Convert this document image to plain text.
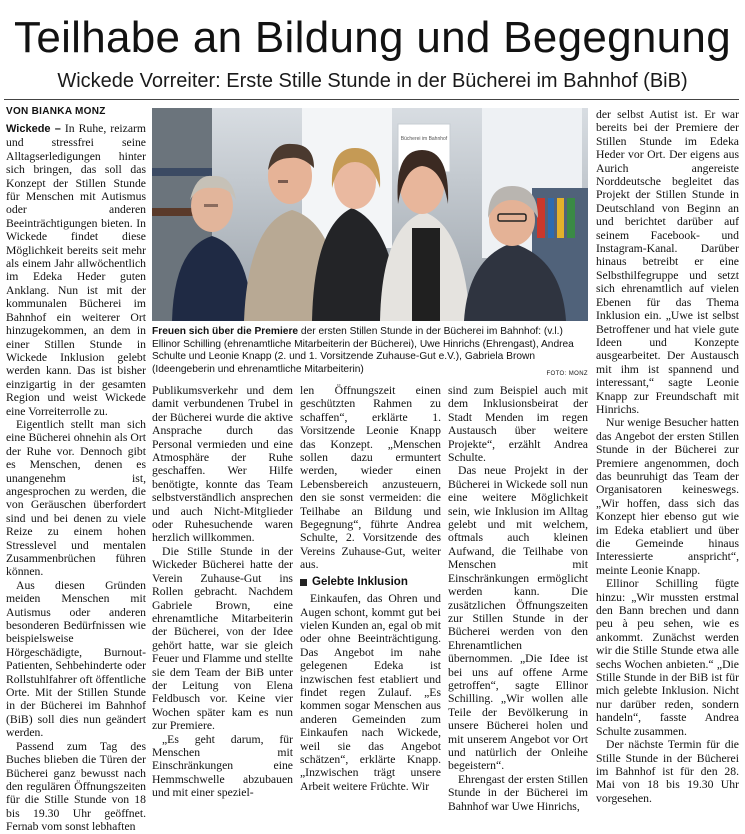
Teilhabe an Bildung und Begegnung
Wickede Vorreiter: Erste Stille Stunde in der Bücherei im Bahnhof (BiB)
VON BIANKA MONZ

Wickede – In Ruhe, reizarm und stressfrei seine Alltagserledigungen hinter sich bringen, das soll das Konzept der Stillen Stunde für Menschen mit Autismus oder anderen Beeinträchtigungen bieten. In Wickede findet diese Möglichkeit bereits seit mehr als einem Jahr allwöchentlich im Edeka Heder guten Anklang. Nun ist mit der kommunalen Bücherei im Bahnhof ein weiterer Ort hinzugekommen, an dem in einer Stillen Stunde in Wickede Inklusion gelebt werden kann. Das ist bisher einzigartig in der gesamten Region und weist Wickede eine Vorreiterrolle zu.

Eigentlich stellt man sich eine Bücherei ohnehin als Ort der Ruhe vor. Dennoch gibt es Menschen, denen es unangenehm ist, angesprochen zu werden, die von Geräuschen überfordert sind und bei denen zu viele Reize zu einem hohen Stresslevel und mentalen Zusammenbrüchen führen können.

Aus diesen Gründen meiden Menschen mit Autismus oder anderen besonderen Bedürfnissen wie beispielsweise Hörgeschädigte, Burnout-Patienten, Sehbehinderte oder Rollstuhlfahrer oft öffentliche Orte. Mit der Stillen Stunde in der Bücherei im Bahnhof (BiB) soll dies nun geändert werden.

Passend zum Tag des Buches blieben die Türen der Bücherei ganz bewusst nach den regulären Öffnungszeiten für die Stille Stunde von 18 bis 19.30 Uhr geöffnet. Fernab vom sonst lebhaften

Bücherei im Bahnhof
Freuen sich über die Premiere der ersten Stillen Stunde in der Bücherei im Bahnhof: (v.l.) Ellinor Schilling (ehrenamtliche Mitarbeiterin der Bücherei), Uwe Hinrichs (Ehrengast), Andrea Schulte und Leonie Knapp (2. und 1. Vorsitzende Zuhause-Gut e.V.), Gabriela Brown (Ideengeberin und ehrenamtliche Mitarbeiterin)	FOTO: MONZ

Publikumsverkehr und dem damit verbundenen Trubel in der Bücherei wurde die aktive Ansprache durch das Personal vermieden und eine Atmosphäre der Ruhe geschaffen. Wer Hilfe benötigte, konnte das Team selbstverständlich ansprechen und auch Nicht-Mitglieder oder Ruhesuchende waren herzlich willkommen.

Die Stille Stunde in der Wickeder Bücherei hatte der Verein Zuhause-Gut ins Rollen gebracht. Nachdem Gabriele Brown, eine ehrenamtliche Mitarbeiterin der Bücherei, von der Idee gehört hatte, war sie gleich Feuer und Flamme und stellte sie dem Team der BiB unter der Leitung von Elena Feldbusch vor. Keine vier Wochen später kam es nun zur Premiere.

„Es geht darum, für Menschen mit Einschränkungen eine Hemmschwelle abzubauen und mit einer speziel-

len Öffnungszeit einen geschützten Rahmen zu schaffen“, erklärte 1. Vorsitzende Leonie Knapp das Konzept. „Menschen sollen dazu ermuntert werden, wieder einen Lebensbereich anzusteuern, den sie sonst vermeiden: die Teilhabe an Bildung und Begegnung“, führte Andrea Schulte, 2. Vorsitzende des Vereins Zuhause-Gut, weiter aus.

Gelebte Inklusion

Einkaufen, das Ohren und Augen schont, kommt gut bei vielen Kunden an, egal ob mit oder ohne Beeinträchtigung. Das Angebot im nahe gelegenen Edeka ist inzwischen fest etabliert und findet regen Zulauf. „Es kommen sogar Menschen aus anderen Gemeinden zum Einkaufen nach Wickede, weil sie das Angebot schätzen“, erklärte Knapp. „Inzwischen trägt unsere Arbeit weitere Früchte. Wir

sind zum Beispiel auch mit dem Inklusionsbeirat der Stadt Menden im regen Austausch über weitere Projekte“, erzählt Andrea Schulte.

Das neue Projekt in der Bücherei in Wickede soll nun eine weitere Möglichkeit sein, wie Inklusion im Alltag gelebt und mit welchem, oftmals auch kleinen Aufwand, die Teilhabe von Menschen mit Einschränkungen ermöglicht werden kann. Die zusätzlichen Öffnungszeiten zur Stillen Stunde in der Bücherei werden von den Ehrenamtlichen übernommen. „Die Idee ist bei uns auf offene Arme getroffen“, sagte Ellinor Schilling. „Wir wollen alle Teile der Bevölkerung in unsere Bücherei holen und mit unserem Angebot vor Ort und natürlich der Onleihe begeistern“.

Ehrengast der ersten Stillen Stunde in der Bücherei im Bahnhof war Uwe Hinrichs,

der selbst Autist ist. Er war bereits bei der Premiere der Stillen Stunde im Edeka Heder vor Ort. Der eigens aus Aurich angereiste Norddeutsche begleitet das Projekt der Stillen Stunde in Deutschland von Beginn an und berichtet darüber auf seinem Facebook- und Instagram-Kanal. Darüber hinaus betreibt er eine Selbsthilfegruppe und setzt sich ehrenamtlich auf vielen Ebenen für das Thema Inklusion ein. „Uwe ist selbst Betroffener und hat viele gute Ideen und Konzepte ausgearbeitet. Der Austausch mit ihm ist spannend und interessant,“ sagte Leonie Knapp zur Freundschaft mit Hinrichs.

Nur wenige Besucher hatten das Angebot der ersten Stillen Stunde in der Bücherei zur Premiere angenommen, doch das beunruhigt das Team der Organisatoren keineswegs. „Wir hoffen, dass sich das Konzept hier ebenso gut wie im Edeka etabliert und über die Gemeinde hinaus Interessierte anspricht“, meinte Leonie Knapp.

Ellinor Schilling fügte hinzu: „Wir mussten erstmal den Bann brechen und dann peu à peu sehen, wie es ankommt. Zunächst werden wir die Stille Stunde etwa alle sechs Wochen anbieten.“ „Die Stille Stunde in der BiB ist für mich gelebte Inklusion. Nicht nur darüber reden, sondern handeln“, fasste Andrea Schulte zusammen.

Der nächste Termin für die Stille Stunde in der Bücherei im Bahnhof ist für den 28. Mai von 18 bis 19.30 Uhr vorgesehen.
